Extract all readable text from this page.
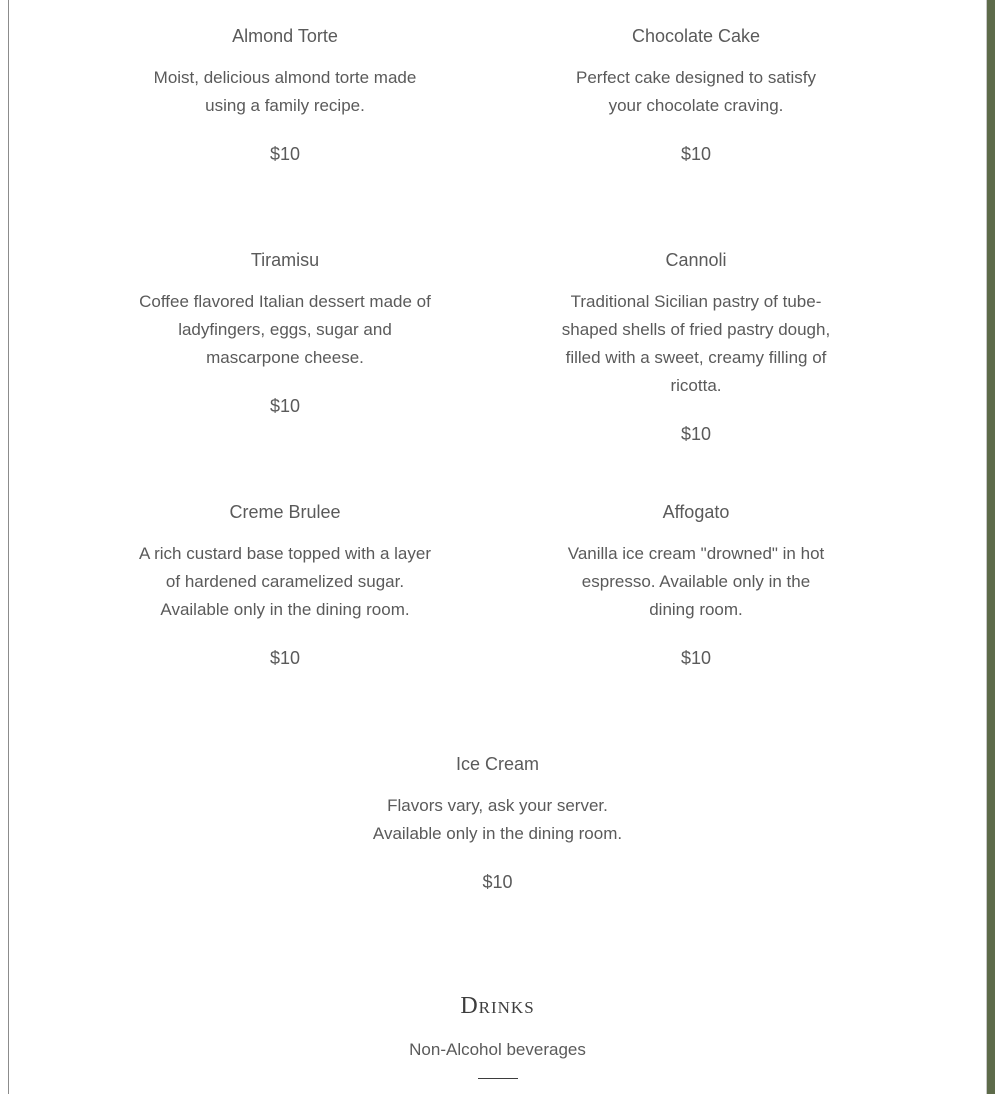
Almond Torte
Moist, delicious almond torte made using a family recipe.
$10
Chocolate Cake
Perfect cake designed to satisfy your chocolate craving.
$10
Tiramisu
Coffee flavored Italian dessert made of ladyfingers, eggs, sugar and mascarpone cheese.
$10
Cannoli
Traditional Sicilian pastry of tube-shaped shells of fried pastry dough, filled with a sweet, creamy filling of ricotta.
$10
Creme Brulee
A rich custard base topped with a layer of hardened caramelized sugar. Available only in the dining room.
$10
Affogato
Vanilla ice cream "drowned" in hot espresso. Available only in the dining room.
$10
Ice Cream
Flavors vary, ask your server. Available only in the dining room.
$10
Drinks
Non-Alcohol beverages
